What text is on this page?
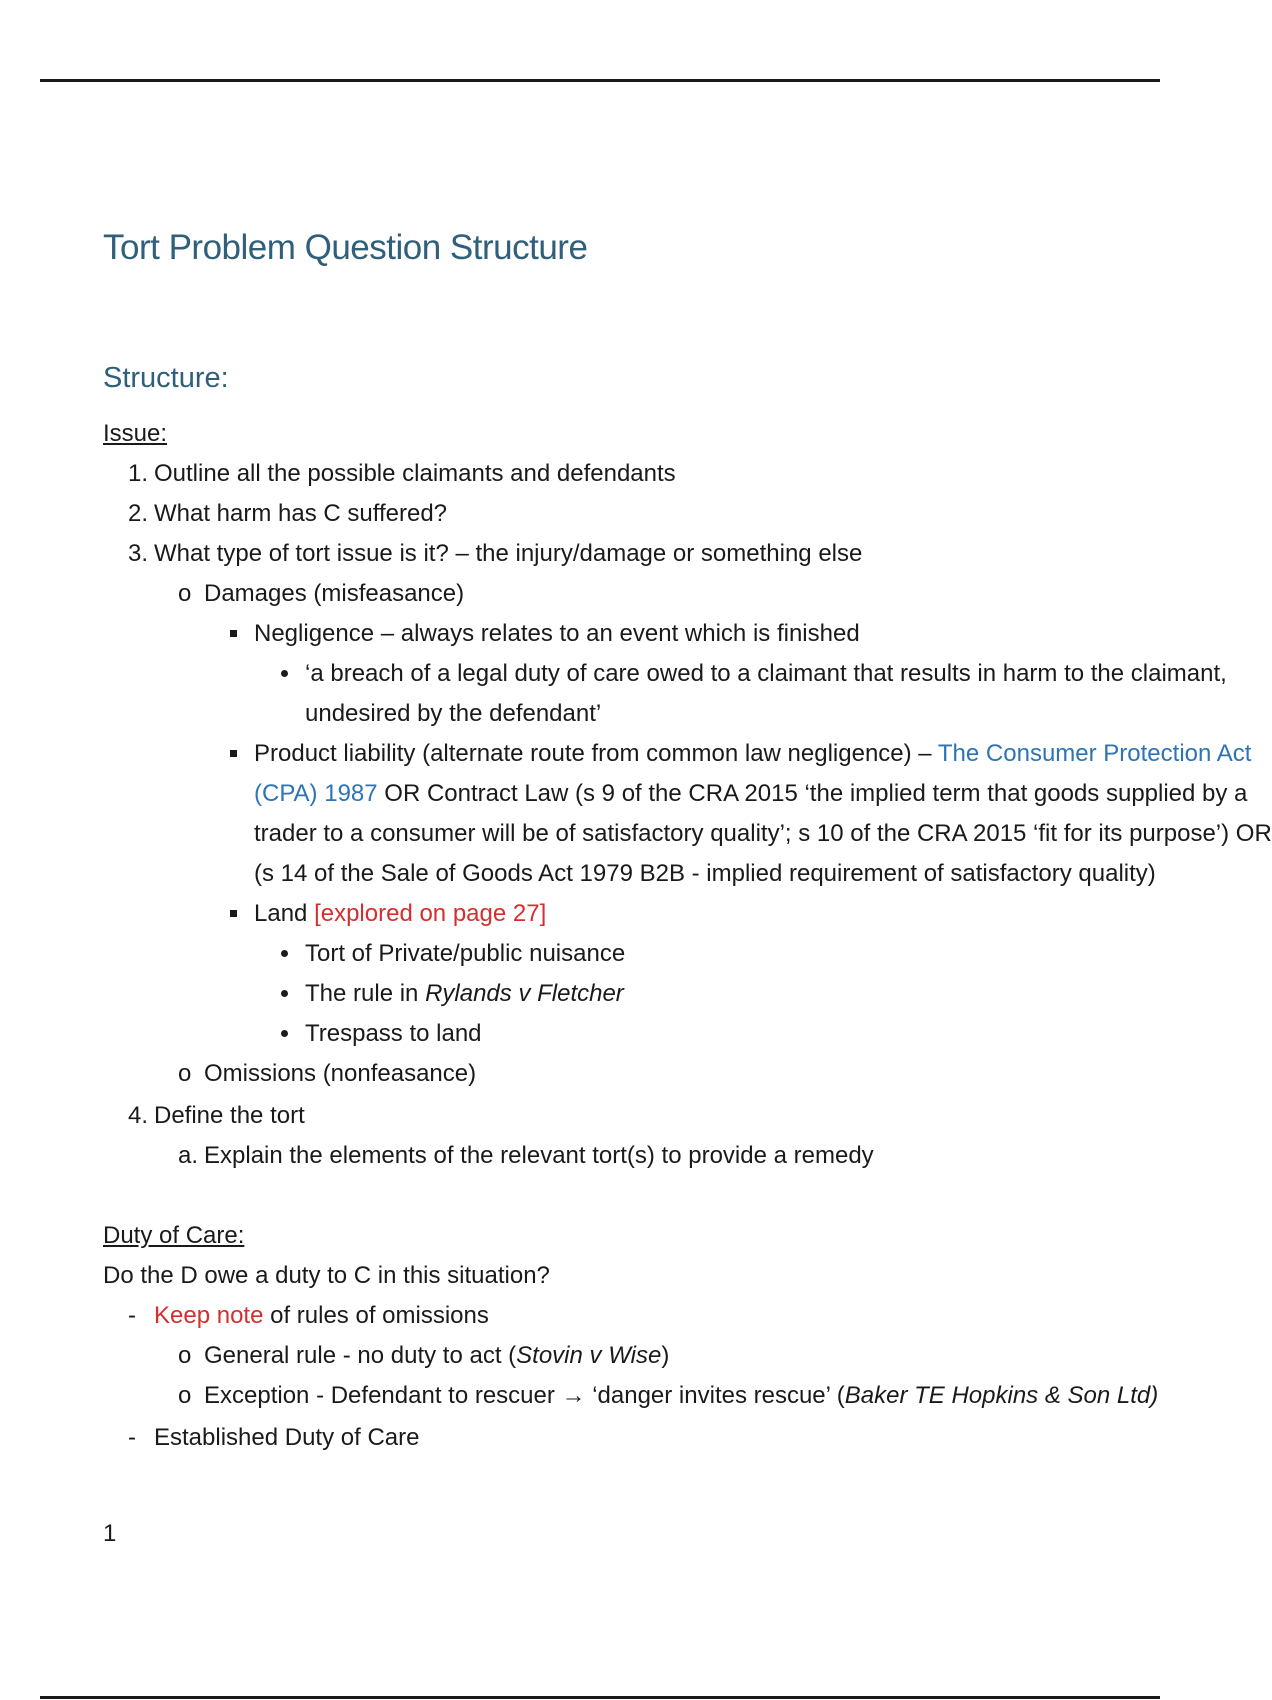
Tort Problem Question Structure
Structure:
Issue:
1. Outline all the possible claimants and defendants
2. What harm has C suffered?
3. What type of tort issue is it? – the injury/damage or something else
o Damages (misfeasance)
Negligence – always relates to an event which is finished
‘a breach of a legal duty of care owed to a claimant that results in harm to the claimant,
undesired by the defendant’
Product liability (alternate route from common law negligence) – The Consumer Protection Act
(CPA) 1987 OR Contract Law (s 9 of the CRA 2015 ‘the implied term that goods supplied by a
trader to a consumer will be of satisfactory quality’; s 10 of the CRA 2015 ‘fit for its purpose’) OR
(s 14 of the Sale of Goods Act 1979 B2B - implied requirement of satisfactory quality)
Land [explored on page 27]
Tort of Private/public nuisance
The rule in Rylands v Fletcher
Trespass to land
o Omissions (nonfeasance)
4. Define the tort
a. Explain the elements of the relevant tort(s) to provide a remedy
Duty of Care:
Do the D owe a duty to C in this situation?
- Keep note of rules of omissions
o General rule - no duty to act (Stovin v Wise)
o Exception - Defendant to rescuer → ‘danger invites rescue’ (Baker TE Hopkins & Son Ltd)
- Established Duty of Care
1
